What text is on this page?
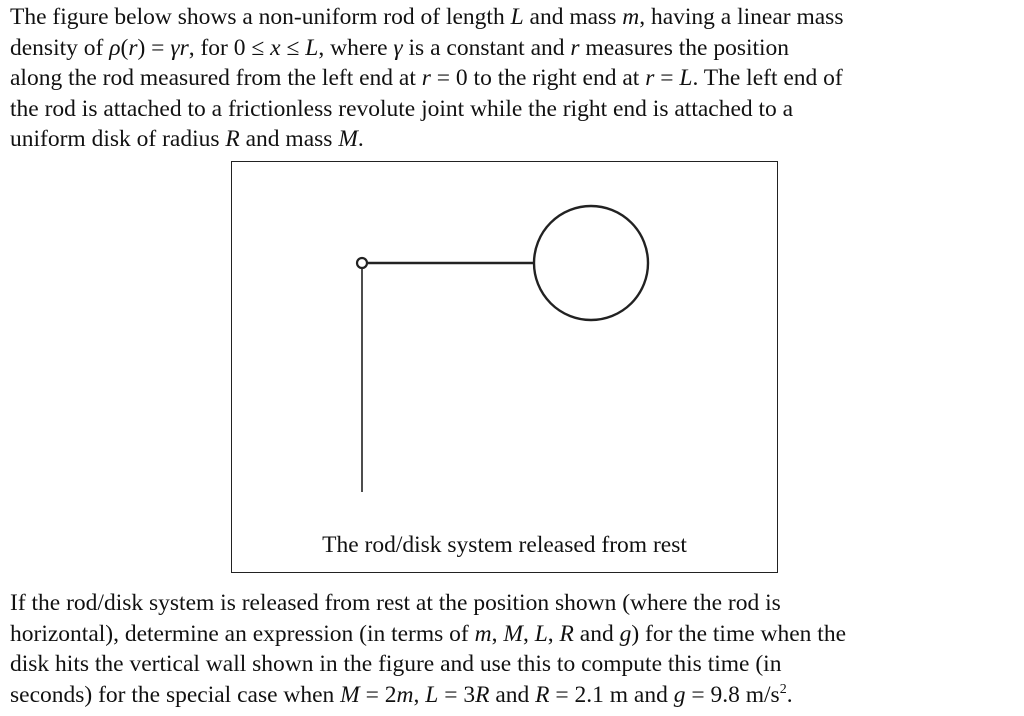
The figure below shows a non-uniform rod of length L and mass m, having a linear mass
density of ρ(r) = γr, for 0 ≤ x ≤ L, where γ is a constant and r measures the position
along the rod measured from the left end at r = 0 to the right end at r = L. The left end of
the rod is attached to a frictionless revolute joint while the right end is attached to a
uniform disk of radius R and mass M.
The rod/disk system released from rest
If the rod/disk system is released from rest at the position shown (where the rod is
horizontal), determine an expression (in terms of m, M, L, R and g) for the time when the
disk hits the vertical wall shown in the figure and use this to compute this time (in
seconds) for the special case when M = 2m, L = 3R and R = 2.1 m and g = 9.8 $m/s^2$.
